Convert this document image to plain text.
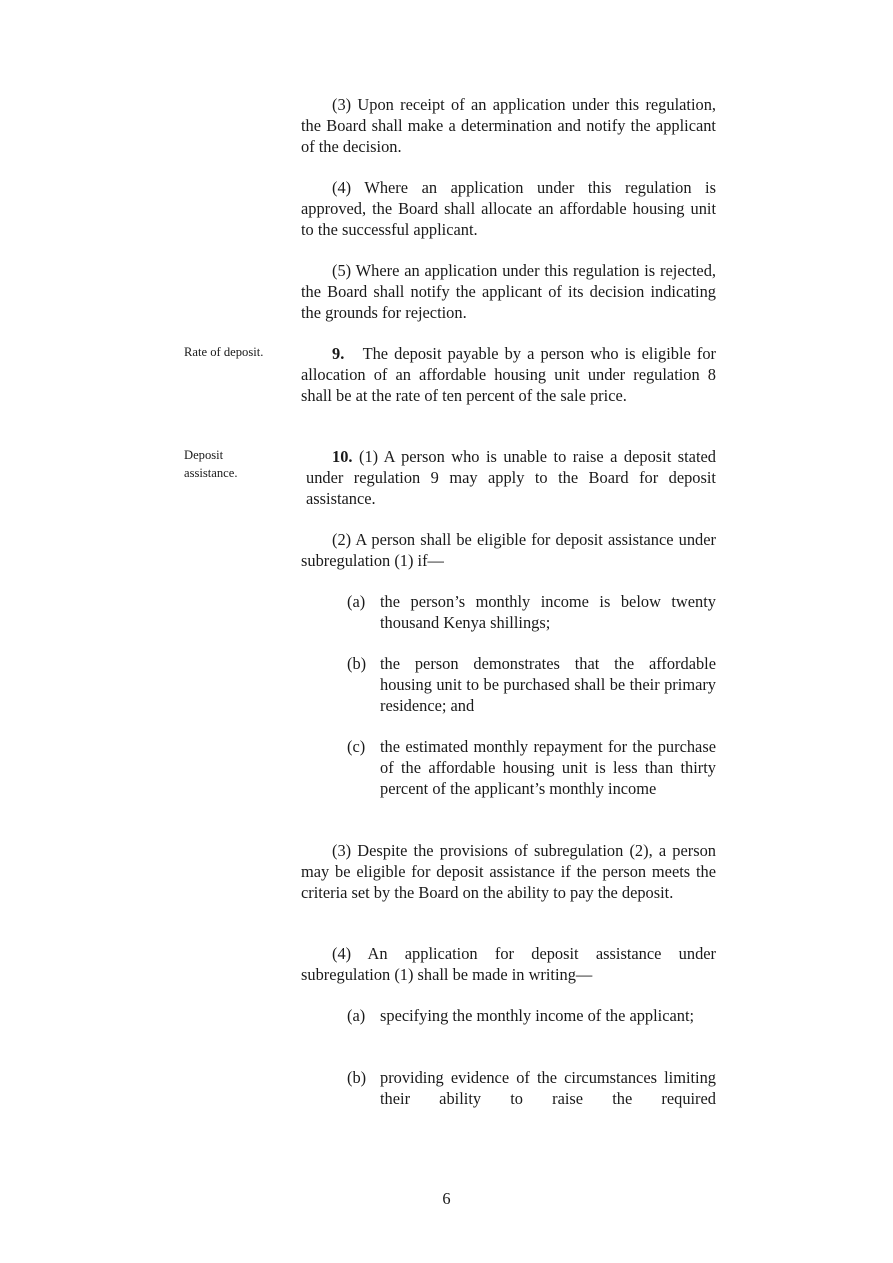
(3) Upon receipt of an application under this regulation, the Board shall make a determination and notify the applicant of the decision.

(4) Where an application under this regulation is approved, the Board shall allocate an affordable housing unit to the successful applicant.

(5) Where an application under this regulation is rejected, the Board shall notify the applicant of its decision indicating the grounds for rejection.

Rate of deposit.	9. The deposit payable by a person who is eligible for allocation of an affordable housing unit under regulation 8 shall be at the rate of ten percent of the sale price.

Deposit assistance.

10. (1) A person who is unable to raise a deposit stated under regulation 9 may apply to the Board for deposit assistance.

(2) A person shall be eligible for deposit assistance under subregulation (1) if—

(a) the person’s monthly income is below twenty thousand Kenya shillings;
(b) the person demonstrates that the affordable housing unit to be purchased shall be their primary residence; and
(c) the estimated monthly repayment for the purchase of the affordable housing unit is less than thirty percent of the applicant’s monthly income

(3) Despite the provisions of subregulation (2), a person may be eligible for deposit assistance if the person meets the criteria set by the Board on the ability to pay the deposit.

(4) An application for deposit assistance under subregulation (1) shall be made in writing—

(a) specifying the monthly income of the applicant;
(b) providing evidence of the circumstances limiting their ability to raise the required
6
